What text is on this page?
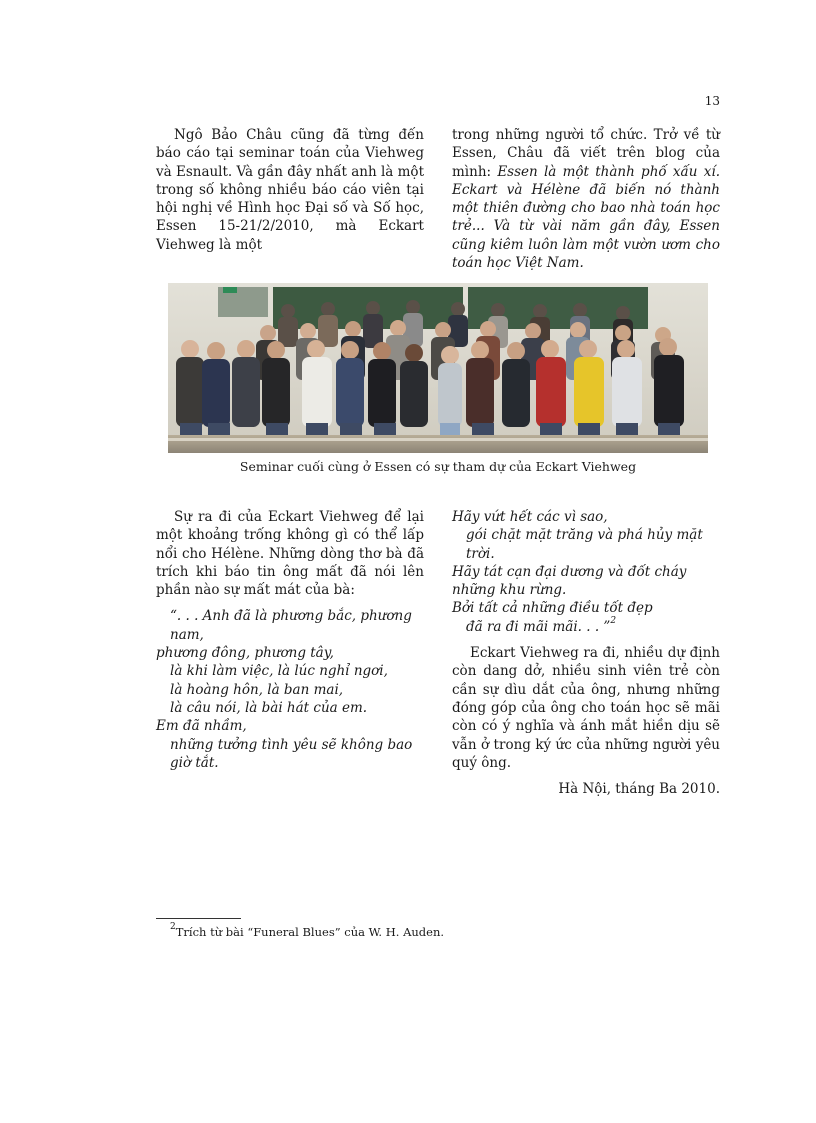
13

Ngô Bảo Châu cũng đã từng đến báo cáo tại seminar toán của Viehweg và Esnault. Và gần đây nhất anh là một trong số không nhiều báo cáo viên tại hội nghị về Hình học Đại số và Số học, Essen 15-21/2/2010, mà Eckart Viehweg là một

trong những người tổ chức. Trở về từ Essen, Châu đã viết trên blog của mình: Essen là một thành phố xấu xí. Eckart và Hélène đã biến nó thành một thiên đường cho bao nhà toán học trẻ... Và từ vài năm gần đây, Essen cũng kiêm luôn làm một vườn ươm cho toán học Việt Nam.

Seminar cuối cùng ở Essen có sự tham dự của Eckart Viehweg

Sự ra đi của Eckart Viehweg để lại một khoảng trống không gì có thể lấp nổi cho Hélène. Những dòng thơ bà đã trích khi báo tin ông mất đã nói lên phần nào sự mất mát của bà:

“. . . Anh đã là phương bắc, phương nam,
phương đông, phương tây,
là khi làm việc, là lúc nghỉ ngơi,
là hoàng hôn, là ban mai,
là câu nói, là bài hát của em.
Em đã nhầm,
những tưởng tình yêu sẽ không bao giờ tắt.
Hãy vứt hết các vì sao,
gói chặt mặt trăng và phá hủy mặt trời.
Hãy tát cạn đại dương và đốt cháy những khu rừng.
Bởi tất cả những điều tốt đẹp
đã ra đi mãi mãi. . . ”$^2$

Eckart Viehweg ra đi, nhiều dự định còn dang dở, nhiều sinh viên trẻ còn cần sự dìu dắt của ông, nhưng những đóng góp của ông cho toán học sẽ mãi còn có ý nghĩa và ánh mắt hiền dịu sẽ vẫn ở trong ký ức của những người yêu quý ông.

Hà Nội, tháng Ba 2010.

$^2$Trích từ bài “Funeral Blues” của W. H. Auden.
